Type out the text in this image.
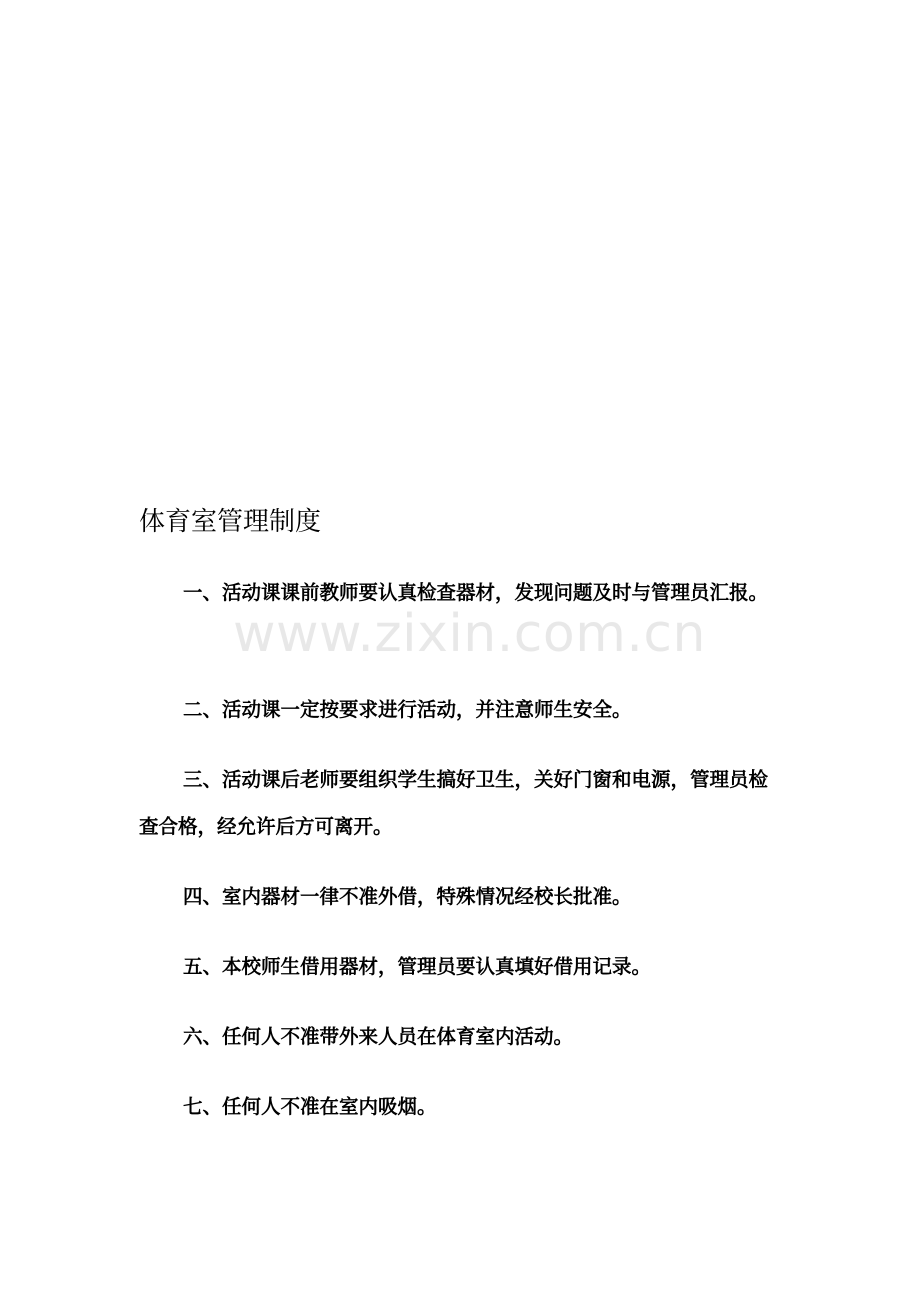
体育室管理制度

一、活动课课前教师要认真检查器材，发现问题及时与管理员汇报。

二、活动课一定按要求进行活动，并注意师生安全。

三、活动课后老师要组织学生搞好卫生，关好门窗和电源，管理员检查合格，经允许后方可离开。

四、室内器材一律不准外借，特殊情况经校长批准。

五、本校师生借用器材，管理员要认真填好借用记录。

六、任何人不准带外来人员在体育室内活动。

七、任何人不准在室内吸烟。

www.zixin.com.cn
